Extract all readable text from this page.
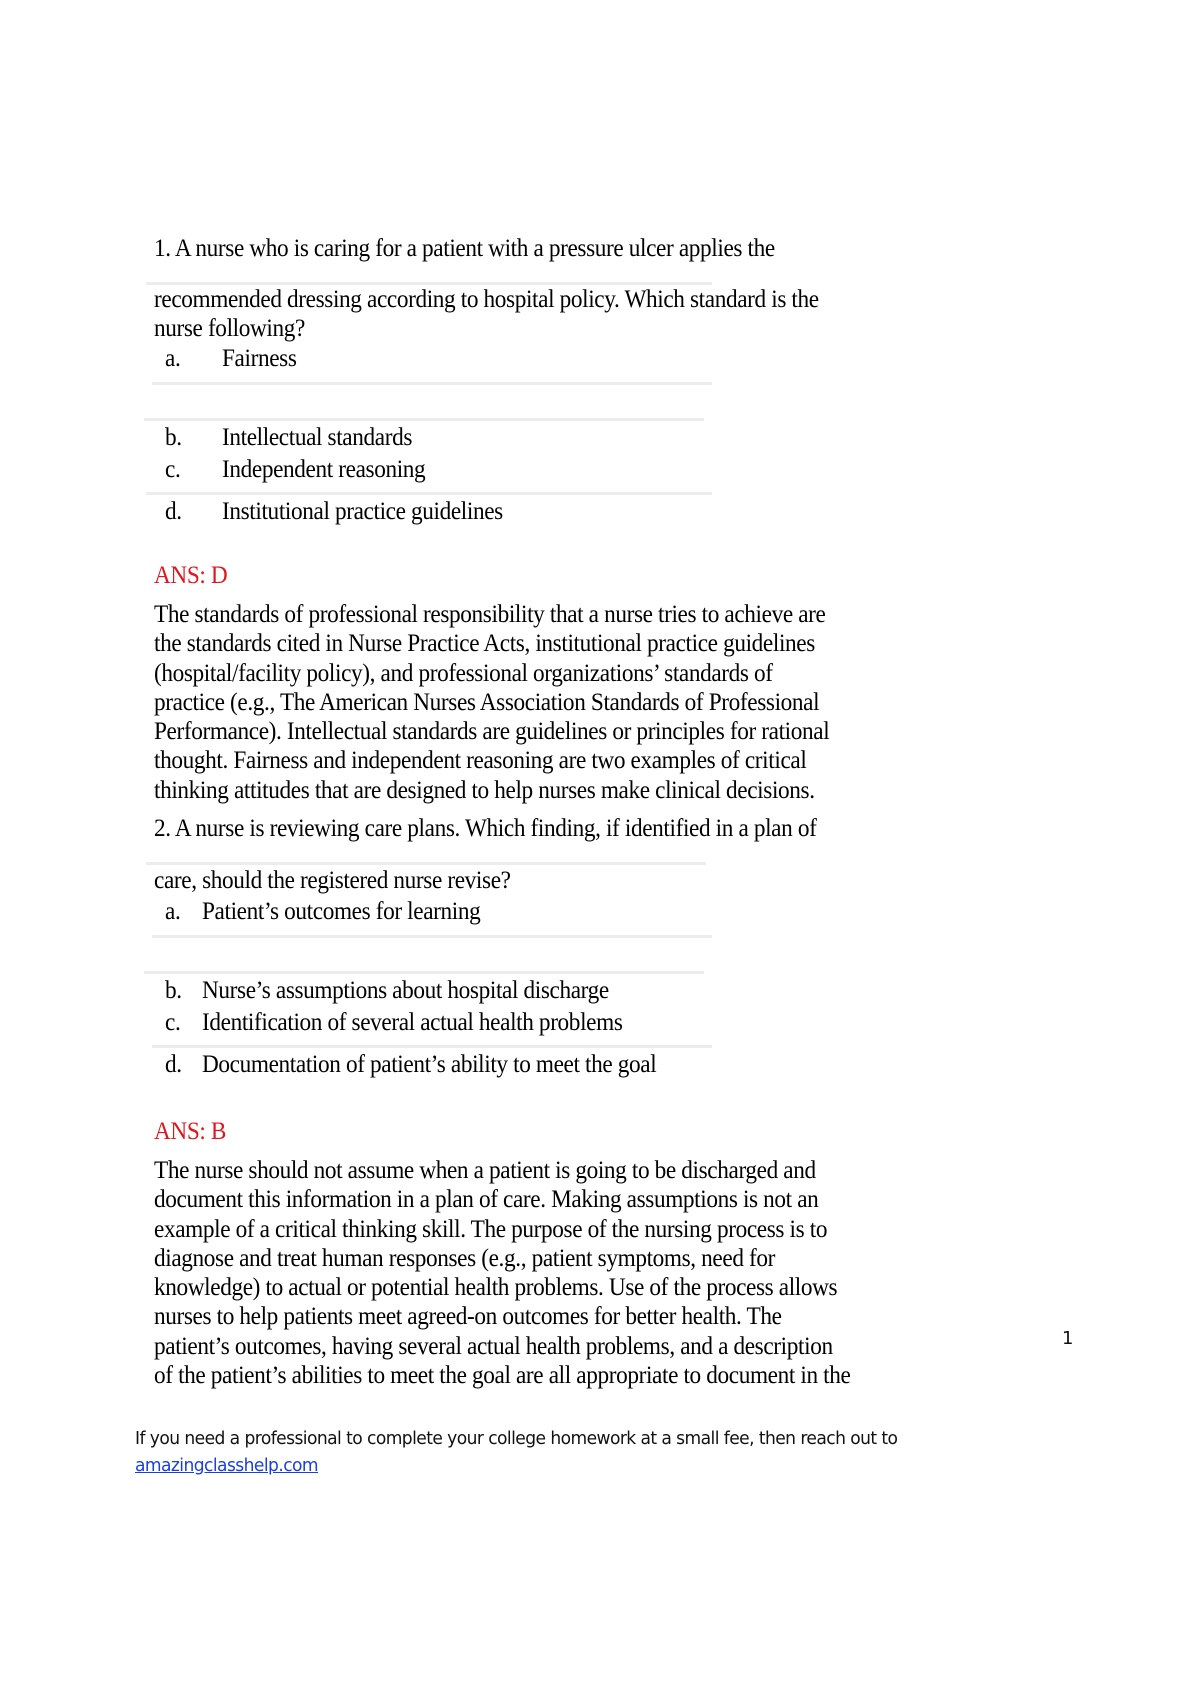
1. A nurse who is caring for a patient with a pressure ulcer applies the
recommended dressing according to hospital policy. Which standard is the
nurse following?
a. Fairness
b. Intellectual standards
c. Independent reasoning
d. Institutional practice guidelines
ANS: D
The standards of professional responsibility that a nurse tries to achieve are
the standards cited in Nurse Practice Acts, institutional practice guidelines
(hospital/facility policy), and professional organizations’ standards of
practice (e.g., The American Nurses Association Standards of Professional
Performance). Intellectual standards are guidelines or principles for rational
thought. Fairness and independent reasoning are two examples of critical
thinking attitudes that are designed to help nurses make clinical decisions.
2. A nurse is reviewing care plans. Which finding, if identified in a plan of
care, should the registered nurse revise?
a. Patient’s outcomes for learning
b. Nurse’s assumptions about hospital discharge
c. Identification of several actual health problems
d. Documentation of patient’s ability to meet the goal
ANS: B
The nurse should not assume when a patient is going to be discharged and
document this information in a plan of care. Making assumptions is not an
example of a critical thinking skill. The purpose of the nursing process is to
diagnose and treat human responses (e.g., patient symptoms, need for
knowledge) to actual or potential health problems. Use of the process allows
nurses to help patients meet agreed-on outcomes for better health. The
patient’s outcomes, having several actual health problems, and a description
of the patient’s abilities to meet the goal are all appropriate to document in the
1
If you need a professional to complete your college homework at a small fee, then reach out to
amazingclasshelp.com
